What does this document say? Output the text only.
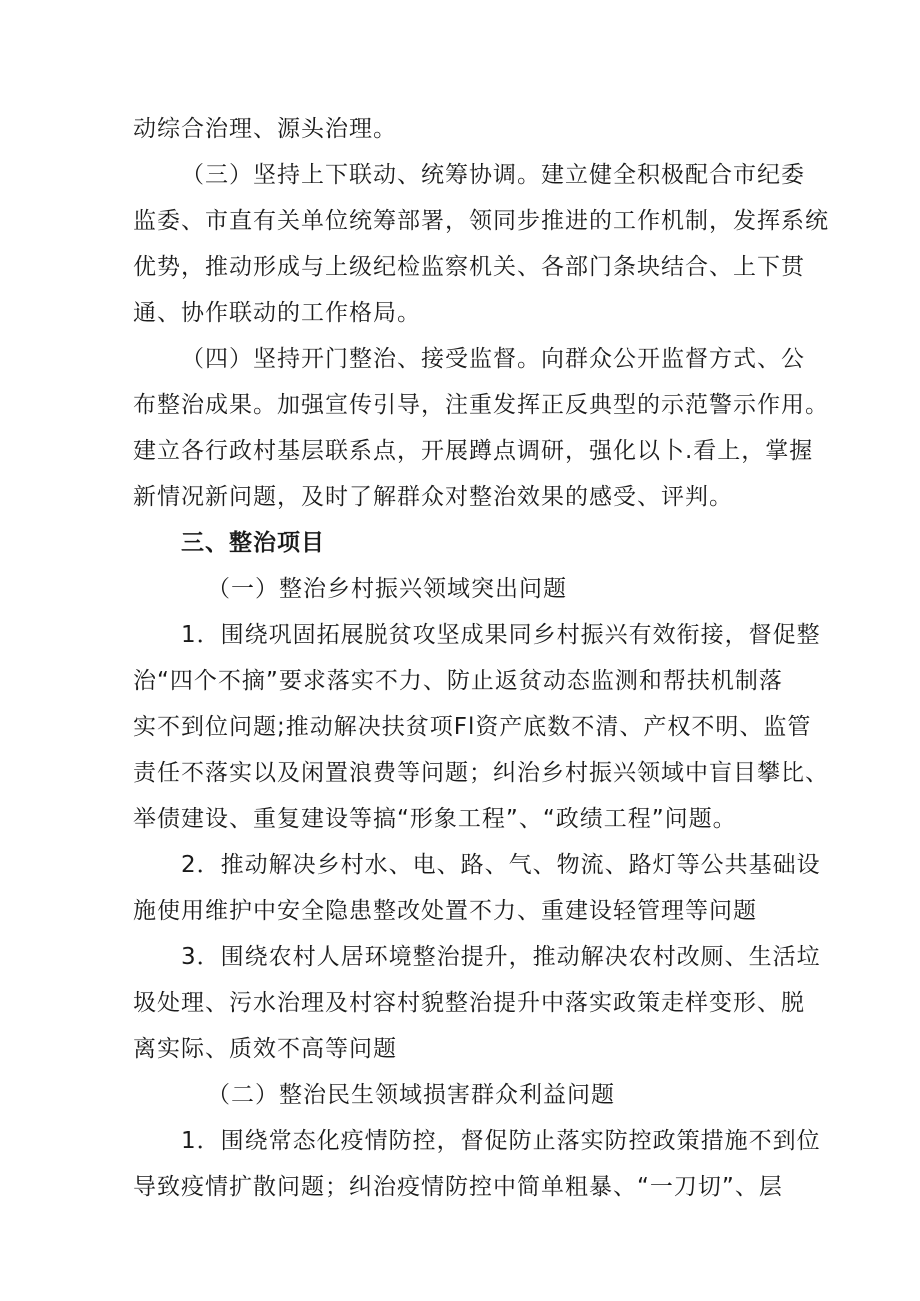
动综合治理、源头治理。
（三）坚持上下联动、统筹协调。建立健全积极配合市纪委
监委、市直有关单位统筹部署，领同步推进的工作机制，发挥系统
优势，推动形成与上级纪检监察机关、各部门条块结合、上下贯
通、协作联动的工作格局。
（四）坚持开门整治、接受监督。向群众公开监督方式、公
布整治成果。加强宣传引导，注重发挥正反典型的示范警示作用。
建立各行政村基层联系点，开展蹲点调研，强化以卜.看上，掌握
新情况新问题，及时了解群众对整治效果的感受、评判。
三、整治项目
（一）整治乡村振兴领域突出问题
1．围绕巩固拓展脱贫攻坚成果同乡村振兴有效衔接，督促整
治“四个不摘”要求落实不力、防止返贫动态监测和帮扶机制落
实不到位问题;推动解决扶贫项Fl资产底数不清、产权不明、监管
责任不落实以及闲置浪费等问题；纠治乡村振兴领域中盲目攀比、
举债建设、重复建设等搞“形象工程”、“政绩工程”问题。
2．推动解决乡村水、电、路、气、物流、路灯等公共基础设
施使用维护中安全隐患整改处置不力、重建设轻管理等问题
3．围绕农村人居环境整治提升，推动解决农村改厕、生活垃
圾处理、污水治理及村容村貌整治提升中落实政策走样变形、脱
离实际、质效不高等问题
（二）整治民生领域损害群众利益问题
1．围绕常态化疫情防控，督促防止落实防控政策措施不到位
导致疫情扩散问题；纠治疫情防控中简单粗暴、“一刀切”、层
